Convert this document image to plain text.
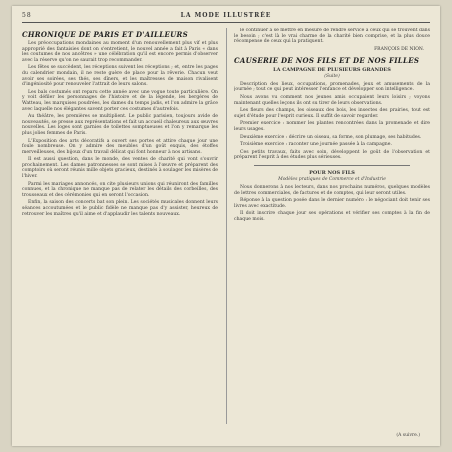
58	LA MODE ILLUSTRÉE
CHRONIQUE DE PARIS ET D'AILLEURS

Les préoccupations mondaines au moment d'un renouvellement plus vif et plus approprié des fantaisies dont on s'entretient, le nouvel année a fait à Paris « dans les coutumes de nos ancêtres » une célébration qu'il est encore permis d'observer avec la réserve qu'on ne saurait trop recommander.

Les fêtes se succèdent, les réceptions suivent les réceptions ; et, entre les pages du calendrier mondain, il ne reste guère de place pour la rêverie. Chacun veut avoir ses soirées, ses thés, ses dîners, et les maîtresses de maison rivalisent d'ingéniosité pour renouveler l'attrait de leurs salons.

Les bals costumés ont reparu cette année avec une vogue toute particulière. On y voit défiler les personnages de l'histoire et de la légende, les bergères de Watteau, les marquises poudrées, les dames du temps jadis, et l'on admire la grâce avec laquelle nos élégantes savent porter ces costumes d'autrefois.

Au théâtre, les premières se multiplient. Le public parisien, toujours avide de nouveautés, se presse aux représentations et fait un accueil chaleureux aux œuvres nouvelles. Les loges sont garnies de toilettes somptueuses et l'on y remarque les plus jolies femmes de Paris.

L'Exposition des arts décoratifs a ouvert ses portes et attire chaque jour une foule nombreuse. On y admire des meubles d'un goût exquis, des étoffes merveilleuses, des bijoux d'un travail délicat qui font honneur à nos artisans.

Il est aussi question, dans le monde, des ventes de charité qui vont s'ouvrir prochainement. Les dames patronnesses se sont mises à l'œuvre et préparent des comptoirs où seront réunis mille objets gracieux, destinés à soulager les misères de l'hiver.

Parmi les mariages annoncés, on cite plusieurs unions qui réuniront des familles connues, et la chronique ne manque pas de relater les détails des corbeilles, des trousseaux et des cérémonies qui en seront l'occasion.

Enfin, la saison des concerts bat son plein. Les sociétés musicales donnent leurs séances accoutumées et le public fidèle ne manque pas d'y assister, heureux de retrouver les maîtres qu'il aime et d'applaudir les talents nouveaux.

le continuer à se mettre en mesure de rendre service à ceux qui se trouvent dans le besoin ; c'est là le vrai charme de la charité bien comprise, et la plus douce récompense de ceux qui la pratiquent.

FRANÇOIS DE NION.
CAUSERIE DE NOS FILS ET DE NOS FILLES
LA CAMPAGNE DE PLUSIEURS GRANDES
(Suite)

Description des lieux, occupations, promenades, jeux et amusements de la journée ; tout ce qui peut intéresser l'enfance et développer son intelligence.

Nous avons vu comment nos jeunes amis occupaient leurs loisirs ; voyons maintenant quelles leçons ils ont su tirer de leurs observations.

Les fleurs des champs, les oiseaux des bois, les insectes des prairies, tout est sujet d'étude pour l'esprit curieux. Il suffit de savoir regarder.

Premier exercice : nommer les plantes rencontrées dans la promenade et dire leurs usages.

Deuxième exercice : décrire un oiseau, sa forme, son plumage, ses habitudes.

Troisième exercice : raconter une journée passée à la campagne.

Ces petits travaux, faits avec soin, développent le goût de l'observation et préparent l'esprit à des études plus sérieuses.

POUR NOS FILS
Modèles pratiques de Commerce et d'Industrie

Nous donnerons à nos lecteurs, dans nos prochains numéros, quelques modèles de lettres commerciales, de factures et de comptes, qui leur seront utiles.

Réponse à la question posée dans le dernier numéro : le négociant doit tenir ses livres avec exactitude.

Il doit inscrire chaque jour ses opérations et vérifier ses comptes à la fin de chaque mois.

(A suivre.)
